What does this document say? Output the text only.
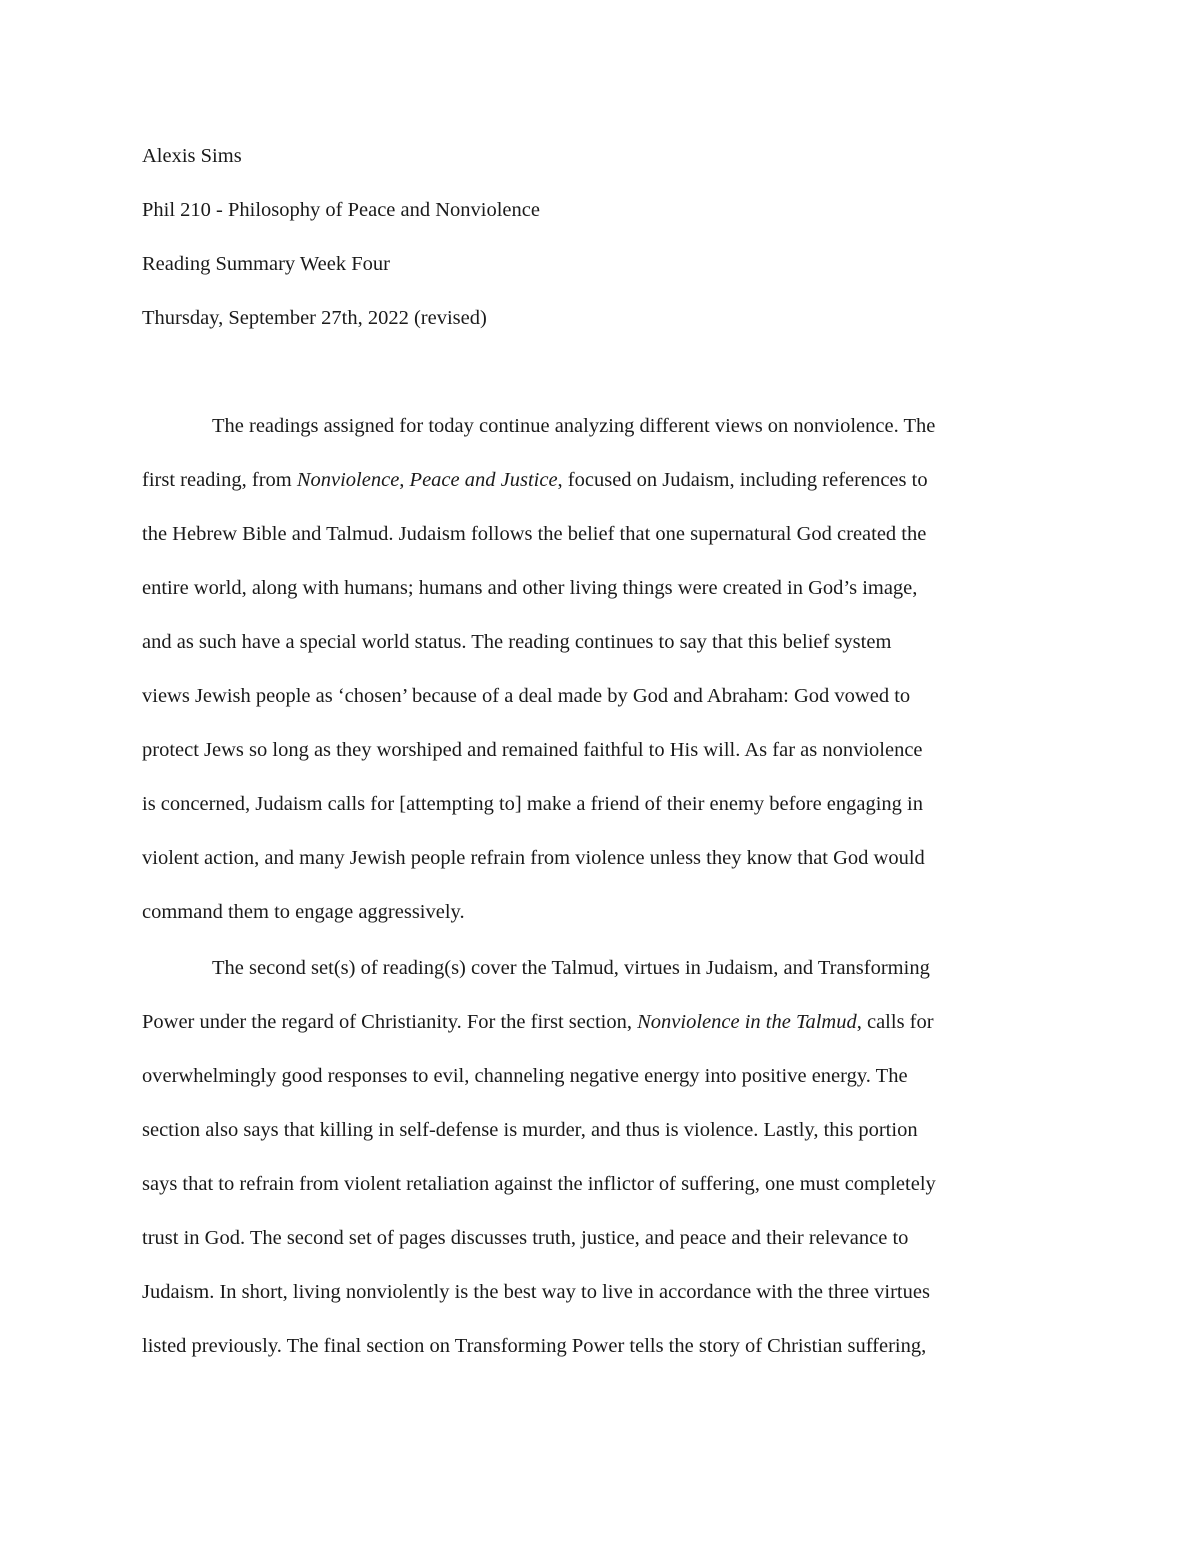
Alexis Sims
Phil 210 - Philosophy of Peace and Nonviolence
Reading Summary Week Four
Thursday, September 27th, 2022 (revised)
The readings assigned for today continue analyzing different views on nonviolence. The
first reading, from Nonviolence, Peace and Justice, focused on Judaism, including references to
the Hebrew Bible and Talmud. Judaism follows the belief that one supernatural God created the
entire world, along with humans; humans and other living things were created in God’s image,
and as such have a special world status. The reading continues to say that this belief system
views Jewish people as ‘chosen’ because of a deal made by God and Abraham: God vowed to
protect Jews so long as they worshiped and remained faithful to His will. As far as nonviolence
is concerned, Judaism calls for [attempting to] make a friend of their enemy before engaging in
violent action, and many Jewish people refrain from violence unless they know that God would
command them to engage aggressively.
The second set(s) of reading(s) cover the Talmud, virtues in Judaism, and Transforming
Power under the regard of Christianity. For the first section, Nonviolence in the Talmud, calls for
overwhelmingly good responses to evil, channeling negative energy into positive energy. The
section also says that killing in self-defense is murder, and thus is violence. Lastly, this portion
says that to refrain from violent retaliation against the inflictor of suffering, one must completely
trust in God. The second set of pages discusses truth, justice, and peace and their relevance to
Judaism. In short, living nonviolently is the best way to live in accordance with the three virtues
listed previously. The final section on Transforming Power tells the story of Christian suffering,
